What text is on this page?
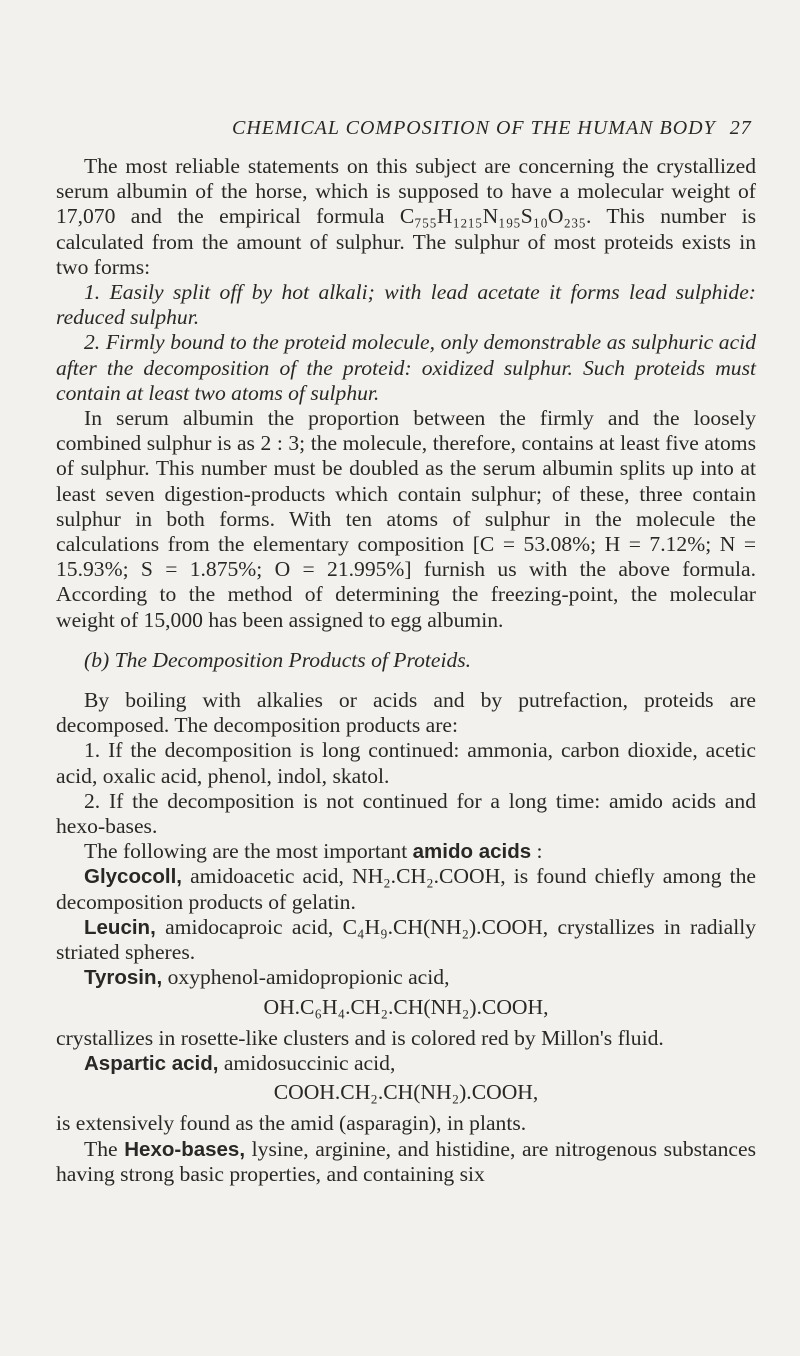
CHEMICAL COMPOSITION OF THE HUMAN BODY 27

The most reliable statements on this subject are concerning the crystallized serum albumin of the horse, which is supposed to have a molecular weight of 17,070 and the empirical formula C₇₅₅H₁₂₁₅N₁₉₅S₁₀O₂₃₅. This number is calculated from the amount of sulphur. The sulphur of most proteids exists in two forms:

1. Easily split off by hot alkali; with lead acetate it forms lead sulphide: reduced sulphur.

2. Firmly bound to the proteid molecule, only demonstrable as sulphuric acid after the decomposition of the proteid: oxidized sulphur. Such proteids must contain at least two atoms of sulphur.

In serum albumin the proportion between the firmly and the loosely combined sulphur is as 2 : 3; the molecule, therefore, contains at least five atoms of sulphur. This number must be doubled as the serum albumin splits up into at least seven digestion-products which contain sulphur; of these, three contain sulphur in both forms. With ten atoms of sulphur in the molecule the calculations from the elementary composition [C = 53.08%; H = 7.12%; N = 15.93%; S = 1.875%; O = 21.995%] furnish us with the above formula. According to the method of determining the freezing-point, the molecular weight of 15,000 has been assigned to egg albumin.

(b) The Decomposition Products of Proteids.

By boiling with alkalies or acids and by putrefaction, proteids are decomposed. The decomposition products are:

1. If the decomposition is long continued: ammonia, carbon dioxide, acetic acid, oxalic acid, phenol, indol, skatol.

2. If the decomposition is not continued for a long time: amido acids and hexo-bases.

The following are the most important amido acids :

Glycocoll, amidoacetic acid, NH₂.CH₂.COOH, is found chiefly among the decomposition products of gelatin.

Leucin, amidocaproic acid, C₄H₉.CH(NH₂).COOH, crystallizes in radially striated spheres.

Tyrosin, oxyphenol-amidopropionic acid,

OH.C₆H₄.CH₂.CH(NH₂).COOH,

crystallizes in rosette-like clusters and is colored red by Millon's fluid.

Aspartic acid, amidosuccinic acid,

COOH.CH₂.CH(NH₂).COOH,

is extensively found as the amid (asparagin), in plants.

The Hexo-bases, lysine, arginine, and histidine, are nitrogenous substances having strong basic properties, and containing six
